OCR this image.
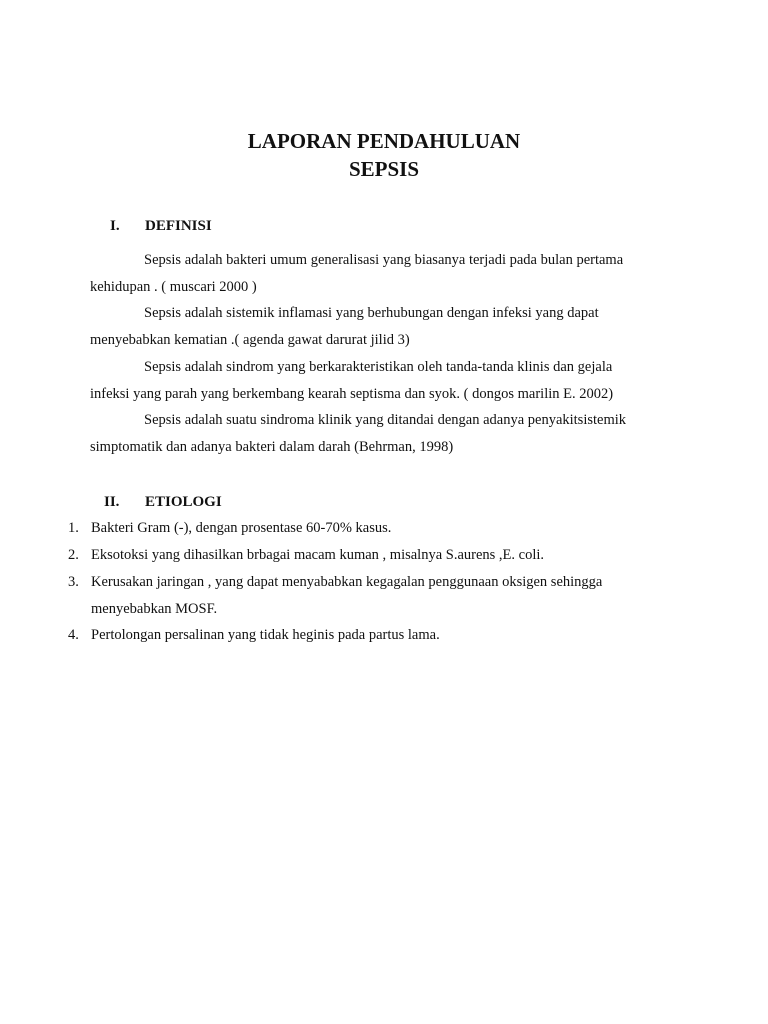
LAPORAN PENDAHULUAN
SEPSIS
I. DEFINISI

Sepsis adalah bakteri umum generalisasi yang biasanya terjadi pada bulan pertama kehidupan . ( muscari 2000 )

Sepsis adalah sistemik inflamasi yang berhubungan dengan infeksi yang dapat menyebabkan kematian .( agenda gawat darurat jilid 3)

Sepsis adalah sindrom yang berkarakteristikan oleh tanda-tanda klinis dan gejala infeksi yang parah yang berkembang kearah septisma dan syok. ( dongos marilin E. 2002)

Sepsis adalah suatu sindroma klinik yang ditandai dengan adanya penyakitsistemik simptomatik dan adanya bakteri dalam darah (Behrman, 1998)

II. ETIOLOGI
1. Bakteri Gram (-), dengan prosentase 60-70% kasus.
2. Eksotoksi yang dihasilkan brbagai macam kuman , misalnya S.aurens ,E. coli.
3. Kerusakan jaringan , yang dapat menyababkan kegagalan penggunaan oksigen sehingga menyebabkan MOSF.
4. Pertolongan persalinan yang tidak heginis pada partus lama.
